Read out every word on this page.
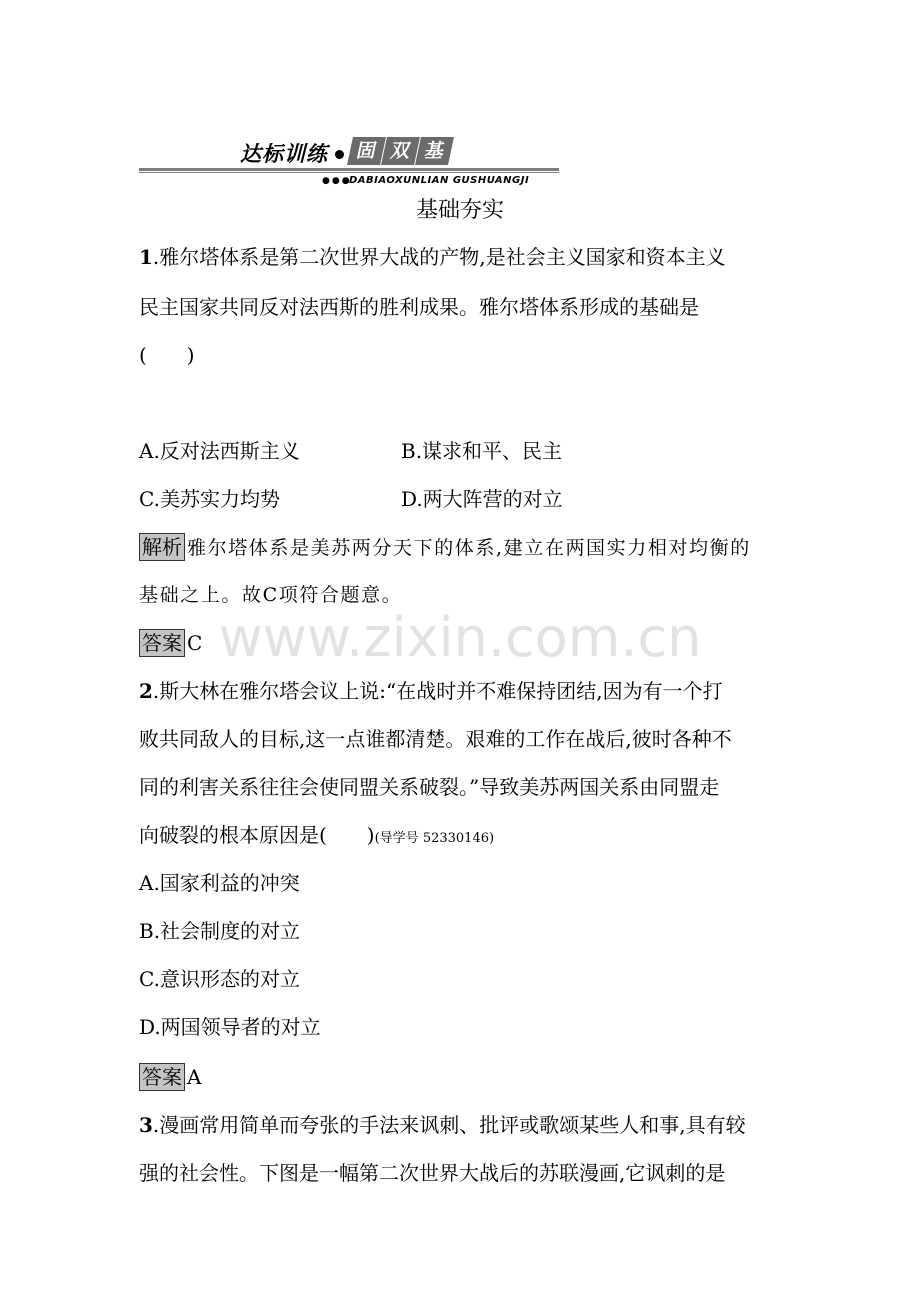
达标训练	固 双 基
●●●
DABIAOXUNLIAN GUSHUANGJI
基础夯实
1.雅尔塔体系是第二次世界大战的产物,是社会主义国家和资本主义
民主国家共同反对法西斯的胜利成果。雅尔塔体系形成的基础是
(　　)
A.反对法西斯主义	B.谋求和平、民主
C.美苏实力均势	D.两大阵营的对立
解析 雅尔塔体系是美苏两分天下的体系,建立在两国实力相对均衡的
基础之上。故C项符合题意。
答案 C www.zixin.com.cn
2.斯大林在雅尔塔会议上说:“在战时并不难保持团结,因为有一个打
败共同敌人的目标,这一点谁都清楚。艰难的工作在战后,彼时各种不
同的利害关系往往会使同盟关系破裂。”导致美苏两国关系由同盟走
向破裂的根本原因是(　　)(导学号 52330146)
A.国家利益的冲突
B.社会制度的对立
C.意识形态的对立
D.两国领导者的对立
答案 A
3.漫画常用简单而夸张的手法来讽刺、批评或歌颂某些人和事,具有较
强的社会性。下图是一幅第二次世界大战后的苏联漫画,它讽刺的是
